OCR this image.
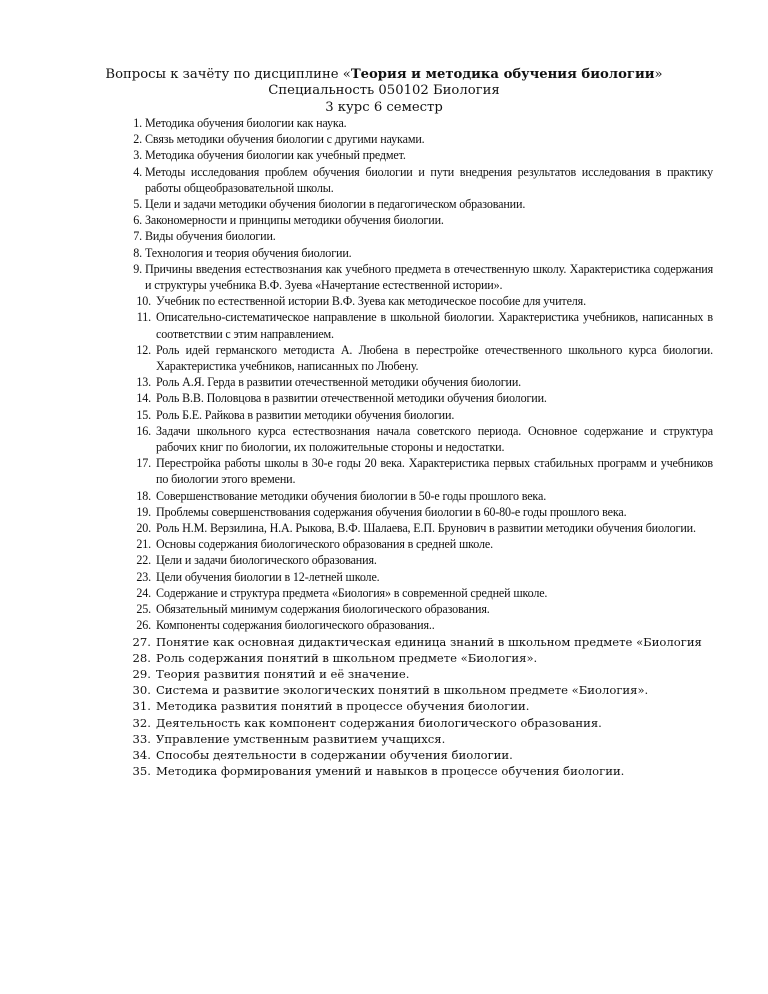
Вопросы к зачёту по дисциплине «Теория и методика обучения биологии»
Специальность 050102 Биология
3 курс 6 семестр
1. Методика обучения биологии как наука.
2. Связь методики обучения биологии с другими науками.
3. Методика обучения биологии как учебный предмет.
4. Методы исследования проблем обучения биологии и пути внедрения результатов исследования в практику работы общеобразовательной школы.
5. Цели и задачи методики обучения биологии в педагогическом образовании.
6. Закономерности и принципы методики обучения биологии.
7. Виды обучения биологии.
8. Технология и теория обучения биологии.
9. Причины введения естествознания как учебного предмета в отечественную школу. Характеристика содержания и структуры учебника В.Ф. Зуева «Начертание естественной истории».
10. Учебник по естественной истории В.Ф. Зуева как методическое пособие для учителя.
11. Описательно-систематическое направление в школьной биологии. Характеристика учебников, написанных в соответствии с этим направлением.
12. Роль идей германского методиста А. Любена в перестройке отечественного школьного курса биологии. Характеристика учебников, написанных по Любену.
13. Роль А.Я. Герда в развитии отечественной методики обучения биологии.
14. Роль В.В. Половцова в развитии отечественной методики обучения биологии.
15. Роль Б.Е. Райкова в развитии методики обучения биологии.
16. Задачи школьного курса естествознания начала советского периода. Основное содержание и структура рабочих книг по биологии, их положительные стороны и недостатки.
17. Перестройка работы школы в 30-е годы 20 века. Характеристика первых стабильных программ и учебников по биологии этого времени.
18. Совершенствование методики обучения биологии в 50-е годы прошлого века.
19. Проблемы совершенствования содержания обучения биологии в 60-80-е годы прошлого века.
20. Роль Н.М. Верзилина, Н.А. Рыкова, В.Ф. Шалаева, Е.П. Брунович в развитии методики обучения биологии.
21. Основы содержания биологического образования в средней школе.
22. Цели и задачи биологического образования.
23. Цели обучения биологии в 12-летней школе.
24. Содержание и структура предмета «Биология» в современной средней школе.
25. Обязательный минимум содержания биологического образования.
26. Компоненты содержания биологического образования..
27. Понятие как основная дидактическая единица знаний в школьном предмете «Биология
28. Роль содержания понятий в школьном предмете «Биология».
29. Теория развития понятий и её значение.
30. Система и развитие экологических понятий в школьном предмете «Биология».
31. Методика развития понятий в процессе обучения биологии.
32. Деятельность как компонент содержания биологического образования.
33. Управление умственным развитием учащихся.
34. Способы деятельности в содержании обучения биологии.
35. Методика формирования умений и навыков в процессе обучения биологии.
